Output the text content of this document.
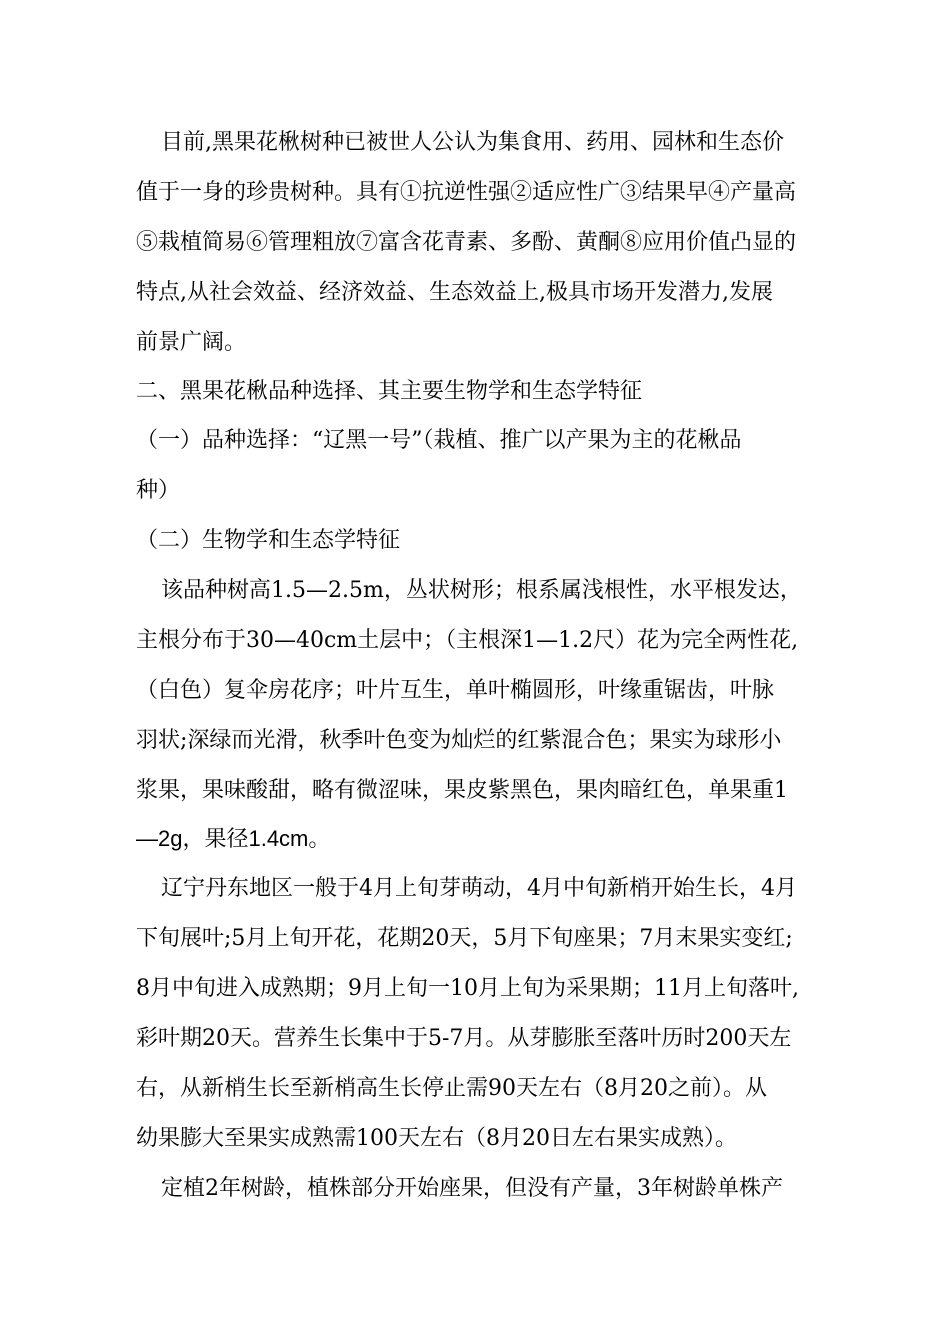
目前,黑果花楸树种已被世人公认为集食用、药用、园林和生态价
值于一身的珍贵树种。具有①抗逆性强②适应性广③结果早④产量高
⑤栽植简易⑥管理粗放⑦富含花青素、多酚、黄酮⑧应用价值凸显的
特点,从社会效益、经济效益、生态效益上,极具市场开发潜力,发展
前景广阔。
二、黑果花楸品种选择、其主要生物学和生态学特征
（一）品种选择：“辽黑一号”（栽植、推广以产果为主的花楸品
种）
（二）生物学和生态学特征
该品种树高1.5—2.5m，丛状树形；根系属浅根性，水平根发达，
主根分布于30—40cm土层中；（主根深1—1.2尺）花为完全两性花,
（白色）复伞房花序；叶片互生，单叶椭圆形，叶缘重锯齿，叶脉
羽状;深绿而光滑，秋季叶色变为灿烂的红紫混合色；果实为球形小
浆果，果味酸甜，略有微涩味，果皮紫黑色，果肉暗红色，单果重1
—2g，果径1.4cm。
辽宁丹东地区一般于4月上旬芽萌动，4月中旬新梢开始生长，4月
下旬展叶;5月上旬开花，花期20天，5月下旬座果；7月末果实变红;
8月中旬进入成熟期；9月上旬一10月上旬为采果期；11月上旬落叶,
彩叶期20天。营养生长集中于5-7月。从芽膨胀至落叶历时200天左
右，从新梢生长至新梢高生长停止需90天左右（8月20之前）。从
幼果膨大至果实成熟需100天左右（8月20日左右果实成熟）。
定植2年树龄，植株部分开始座果，但没有产量，3年树龄单株产
